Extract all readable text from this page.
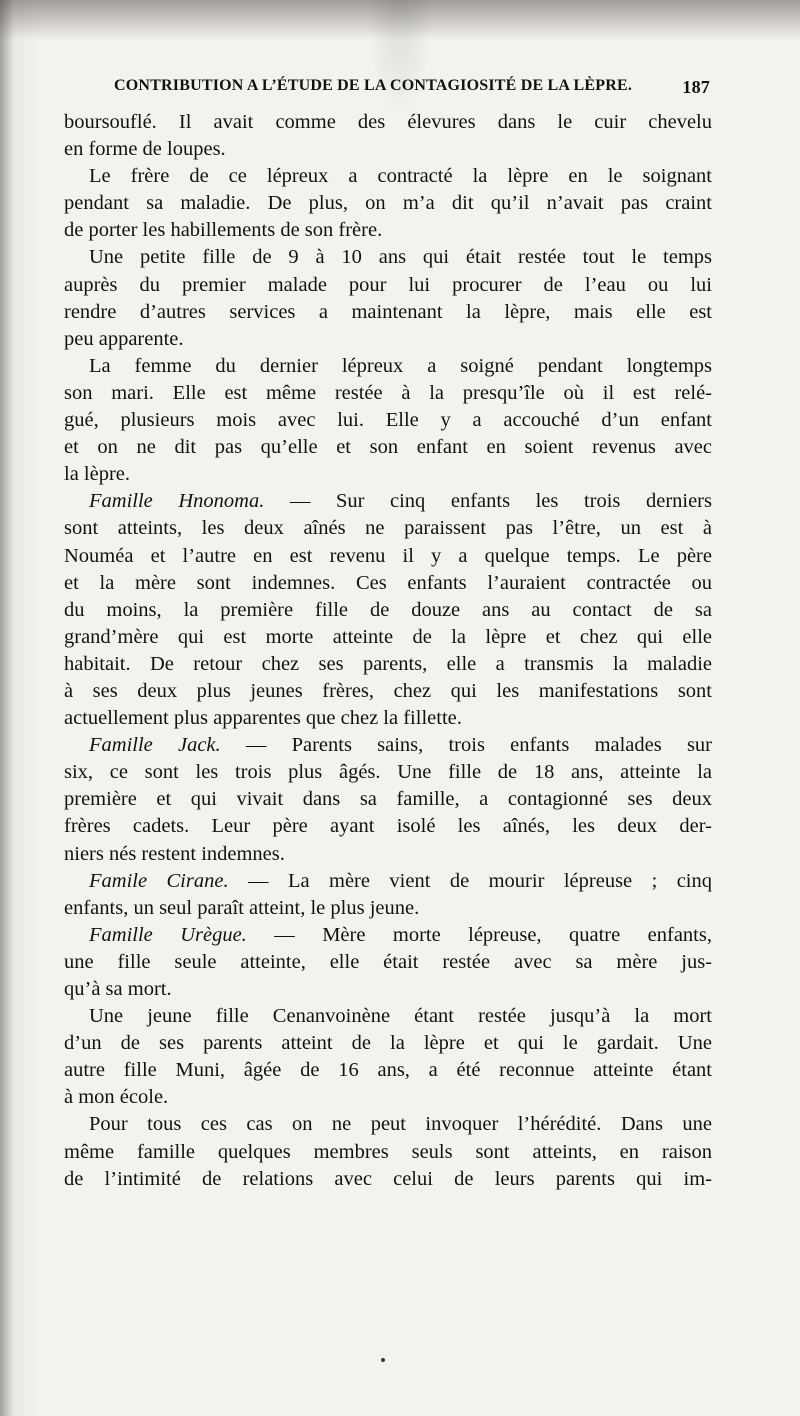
CONTRIBUTION A L’ÉTUDE DE LA CONTAGIOSITÉ DE LA LÈPRE.	187
boursouflé. Il avait comme des élevures dans le cuir chevelu
en forme de loupes.
Le frère de ce lépreux a contracté la lèpre en le soignant
pendant sa maladie. De plus, on m’a dit qu’il n’avait pas craint
de porter les habillements de son frère.
Une petite fille de 9 à 10 ans qui était restée tout le temps
auprès du premier malade pour lui procurer de l’eau ou lui
rendre d’autres services a maintenant la lèpre, mais elle est
peu apparente.
La femme du dernier lépreux a soigné pendant longtemps
son mari. Elle est même restée à la presqu’île où il est relé-
gué, plusieurs mois avec lui. Elle y a accouché d’un enfant
et on ne dit pas qu’elle et son enfant en soient revenus avec
la lèpre.
Famille Hnonoma. — Sur cinq enfants les trois derniers
sont atteints, les deux aînés ne paraissent pas l’être, un est à
Nouméa et l’autre en est revenu il y a quelque temps. Le père
et la mère sont indemnes. Ces enfants l’auraient contractée ou
du moins, la première fille de douze ans au contact de sa
grand’mère qui est morte atteinte de la lèpre et chez qui elle
habitait. De retour chez ses parents, elle a transmis la maladie
à ses deux plus jeunes frères, chez qui les manifestations sont
actuellement plus apparentes que chez la fillette.
Famille Jack. — Parents sains, trois enfants malades sur
six, ce sont les trois plus âgés. Une fille de 18 ans, atteinte la
première et qui vivait dans sa famille, a contagionné ses deux
frères cadets. Leur père ayant isolé les aînés, les deux der-
niers nés restent indemnes.
Famile Cirane. — La mère vient de mourir lépreuse ; cinq
enfants, un seul paraît atteint, le plus jeune.
Famille Urègue. — Mère morte lépreuse, quatre enfants,
une fille seule atteinte, elle était restée avec sa mère jus-
qu’à sa mort.
Une jeune fille Cenanvoinène étant restée jusqu’à la mort
d’un de ses parents atteint de la lèpre et qui le gardait. Une
autre fille Muni, âgée de 16 ans, a été reconnue atteinte étant
à mon école.
Pour tous ces cas on ne peut invoquer l’hérédité. Dans une
même famille quelques membres seuls sont atteints, en raison
de l’intimité de relations avec celui de leurs parents qui im-
